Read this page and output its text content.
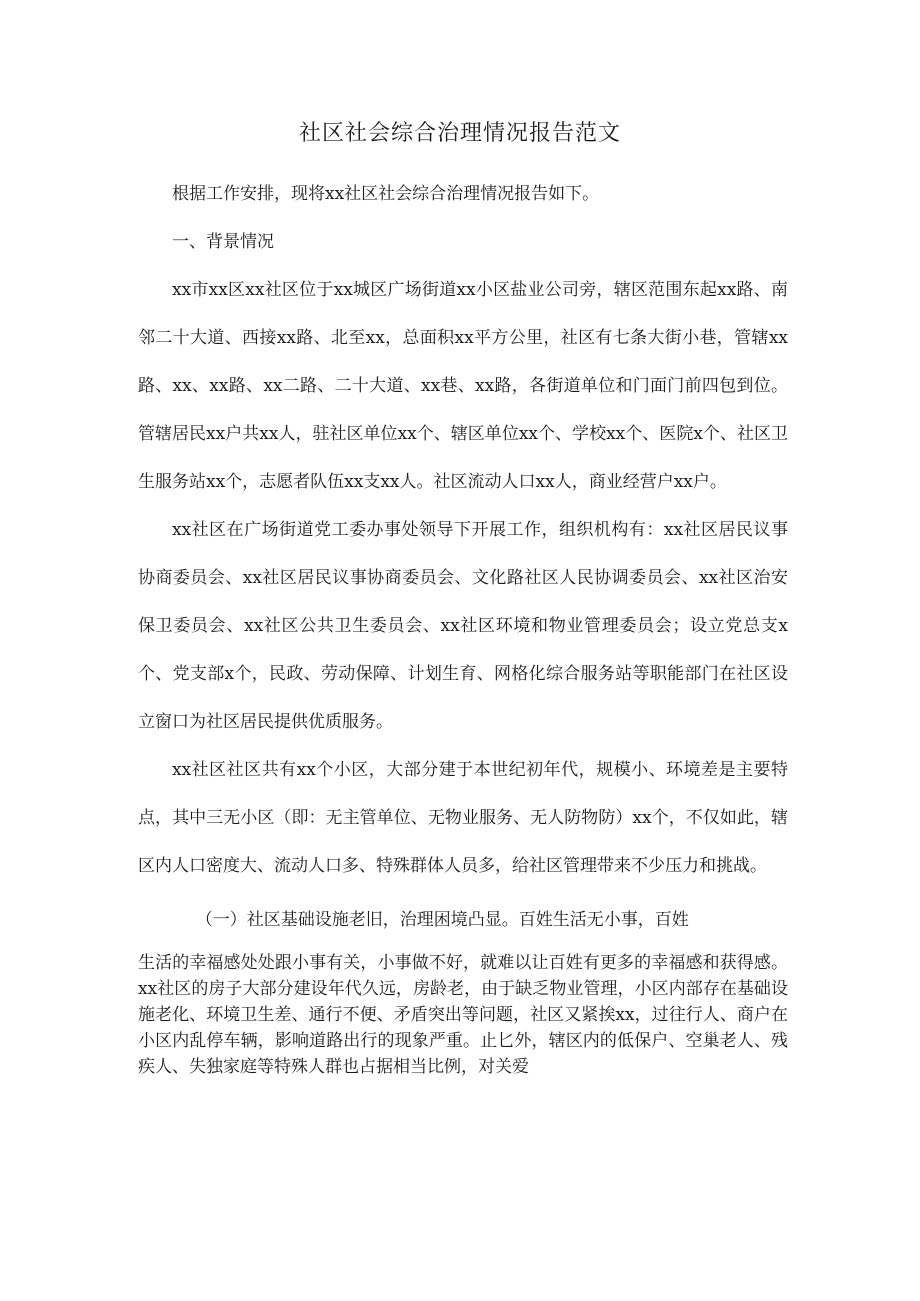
社区社会综合治理情况报告范文

根据工作安排，现将xx社区社会综合治理情况报告如下。

一、背景情况

xx市xx区xx社区位于xx城区广场街道xx小区盐业公司旁，辖区范围东起xx路、南邻二十大道、西接xx路、北至xx，总面积xx平方公里，社区有七条大街小巷，管辖xx路、xx、xx路、xx二路、二十大道、xx巷、xx路，各街道单位和门面门前四包到位。管辖居民xx户共xx人，驻社区单位xx个、辖区单位xx个、学校xx个、医院x个、社区卫生服务站xx个，志愿者队伍xx支xx人。社区流动人口xx人，商业经营户xx户。

xx社区在广场街道党工委办事处领导下开展工作，组织机构有：xx社区居民议事协商委员会、xx社区居民议事协商委员会、文化路社区人民协调委员会、xx社区治安保卫委员会、xx社区公共卫生委员会、xx社区环境和物业管理委员会；设立党总支x个、党支部x个，民政、劳动保障、计划生育、网格化综合服务站等职能部门在社区设立窗口为社区居民提供优质服务。

xx社区社区共有xx个小区，大部分建于本世纪初年代，规模小、环境差是主要特点，其中三无小区（即：无主管单位、无物业服务、无人防物防）xx个，不仅如此，辖区内人口密度大、流动人口多、特殊群体人员多，给社区管理带来不少压力和挑战。

（一）社区基础设施老旧，治理困境凸显。百姓生活无小事，百姓

生活的幸福感处处跟小事有关，小事做不好，就难以让百姓有更多的幸福感和获得感。xx社区的房子大部分建设年代久远，房龄老，由于缺乏物业管理，小区内部存在基础设施老化、环境卫生差、通行不便、矛盾突出等问题，社区又紧挨xx，过往行人、商户在小区内乱停车辆，影响道路出行的现象严重。止匕外，辖区内的低保户、空巢老人、残疾人、失独家庭等特殊人群也占据相当比例，对关爱
